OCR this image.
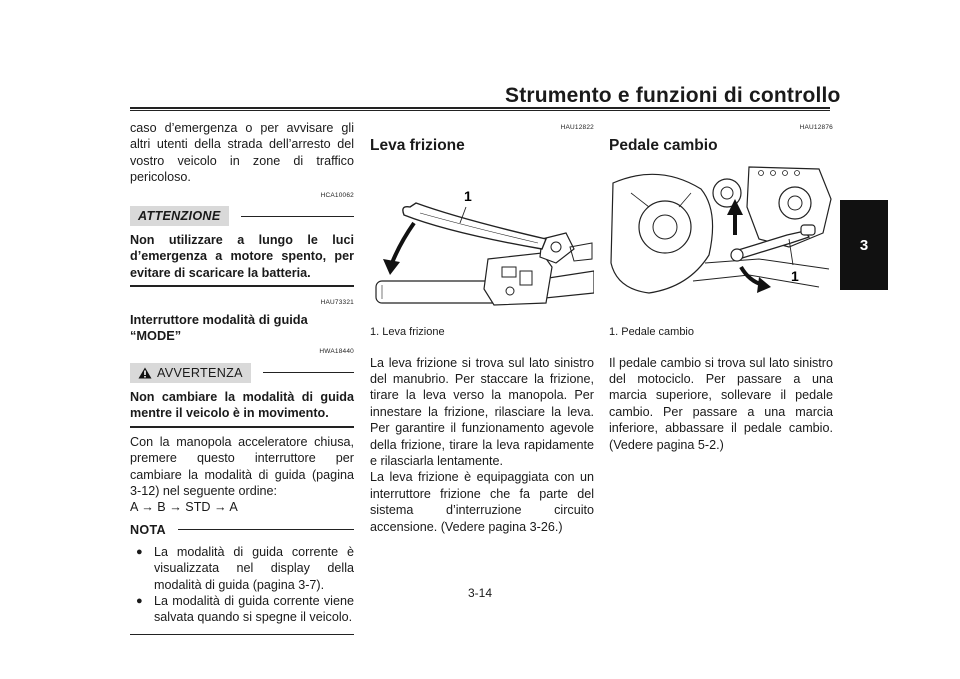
Strumento e funzioni di controllo
3

caso d’emergenza o per avvisare gli altri utenti della strada dell’arresto del vostro veicolo in zone di traffico pericoloso.

HCA10062
ATTENZIONE

Non utilizzare a lungo le luci d’emergenza a motore spento, per evitare di scaricare la batteria.

HAU73321
Interruttore modalità di guida “MODE”
HWA18440
AVVERTENZA

Non cambiare la modalità di guida mentre il veicolo è in movimento.

Con la manopola acceleratore chiusa, premere questo interruttore per cambiare la modalità di guida (pagina 3-12) nel seguente ordine:

A → B → STD → A

NOTA
● La modalità di guida corrente è visualizzata nel display della modalità di guida (pagina 3-7).
● La modalità di guida corrente viene salvata quando si spegne il veicolo.
HAU12822
Leva frizione
1
1. Leva frizione

La leva frizione si trova sul lato sinistro del manubrio. Per staccare la frizione, tirare la leva verso la manopola. Per innestare la frizione, rilasciare la leva. Per garantire il funzionamento agevole della frizione, tirare la leva rapidamente e rilasciarla lentamente.

La leva frizione è equipaggiata con un interruttore frizione che fa parte del sistema d’interruzione circuito accensione. (Vedere pagina 3-26.)

HAU12876
Pedale cambio
1
1. Pedale cambio

Il pedale cambio si trova sul lato sinistro del motociclo. Per passare a una marcia superiore, sollevare il pedale cambio. Per passare a una marcia inferiore, abbassare il pedale cambio. (Vedere pagina 5-2.)

3-14
